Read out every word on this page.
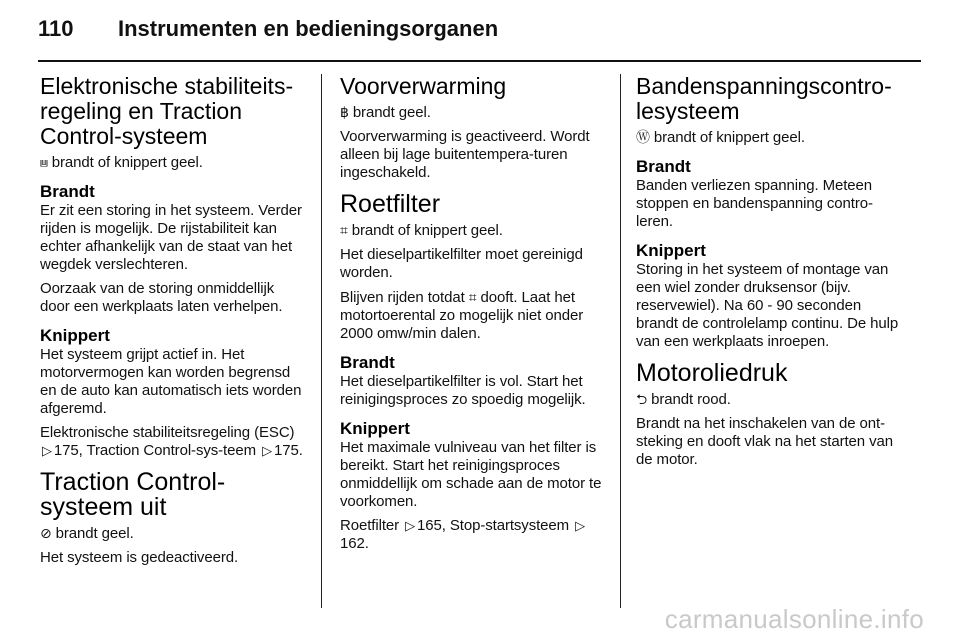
110 Instrumenten en bedieningsorganen
Elektronische stabiliteits-regeling en Traction Control-systeem

⩏ brandt of knippert geel.

Brandt

Er zit een storing in het systeem. Verder rijden is mogelijk. De rijstabiliteit kan echter afhankelijk van de staat van het wegdek verslechteren.

Oorzaak van de storing onmiddellijk door een werkplaats laten verhelpen.

Knippert

Het systeem grijpt actief in. Het motorvermogen kan worden begrensd en de auto kan automatisch iets worden afgeremd.

Elektronische stabiliteitsregeling (ESC) ▷ 175, Traction Control-sys-teem ▷ 175.

Traction Control-systeem uit

⊘ brandt geel.

Het systeem is gedeactiveerd.

Voorverwarming

฿ brandt geel.

Voorverwarming is geactiveerd. Wordt alleen bij lage buitentempera-turen ingeschakeld.

Roetfilter

⌗ brandt of knippert geel.

Het dieselpartikelfilter moet gereinigd worden.

Blijven rijden totdat ⌗ dooft. Laat het motortoerental zo mogelijk niet onder 2000 omw/min dalen.

Brandt

Het dieselpartikelfilter is vol. Start het reinigingsproces zo spoedig mogelijk.

Knippert

Het maximale vulniveau van het filter is bereikt. Start het reinigingsproces onmiddellijk om schade aan de motor te voorkomen.

Roetfilter ▷ 165, Stop-startsysteem ▷162.

Bandenspanningscontro-lesysteem

Ⓦ brandt of knippert geel.

Brandt

Banden verliezen spanning. Meteen stoppen en bandenspanning contro-leren.

Knippert

Storing in het systeem of montage van een wiel zonder druksensor (bijv. reservewiel). Na 60 - 90 seconden brandt de controlelamp continu. De hulp van een werkplaats inroepen.

Motoroliedruk

⮌ brandt rood.

Brandt na het inschakelen van de ont-steking en dooft vlak na het starten van de motor.

carmanualsonline.info
